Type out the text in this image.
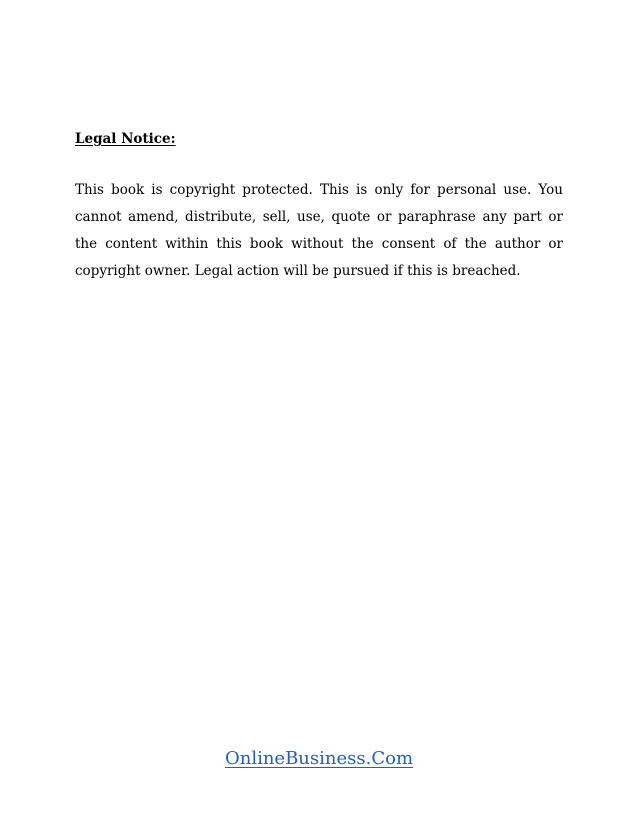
Legal Notice:
This book is copyright protected. This is only for personal use. You cannot amend, distribute, sell, use, quote or paraphrase any part or the content within this book without the consent of the author or copyright owner. Legal action will be pursued if this is breached.
OnlineBusiness.Com
